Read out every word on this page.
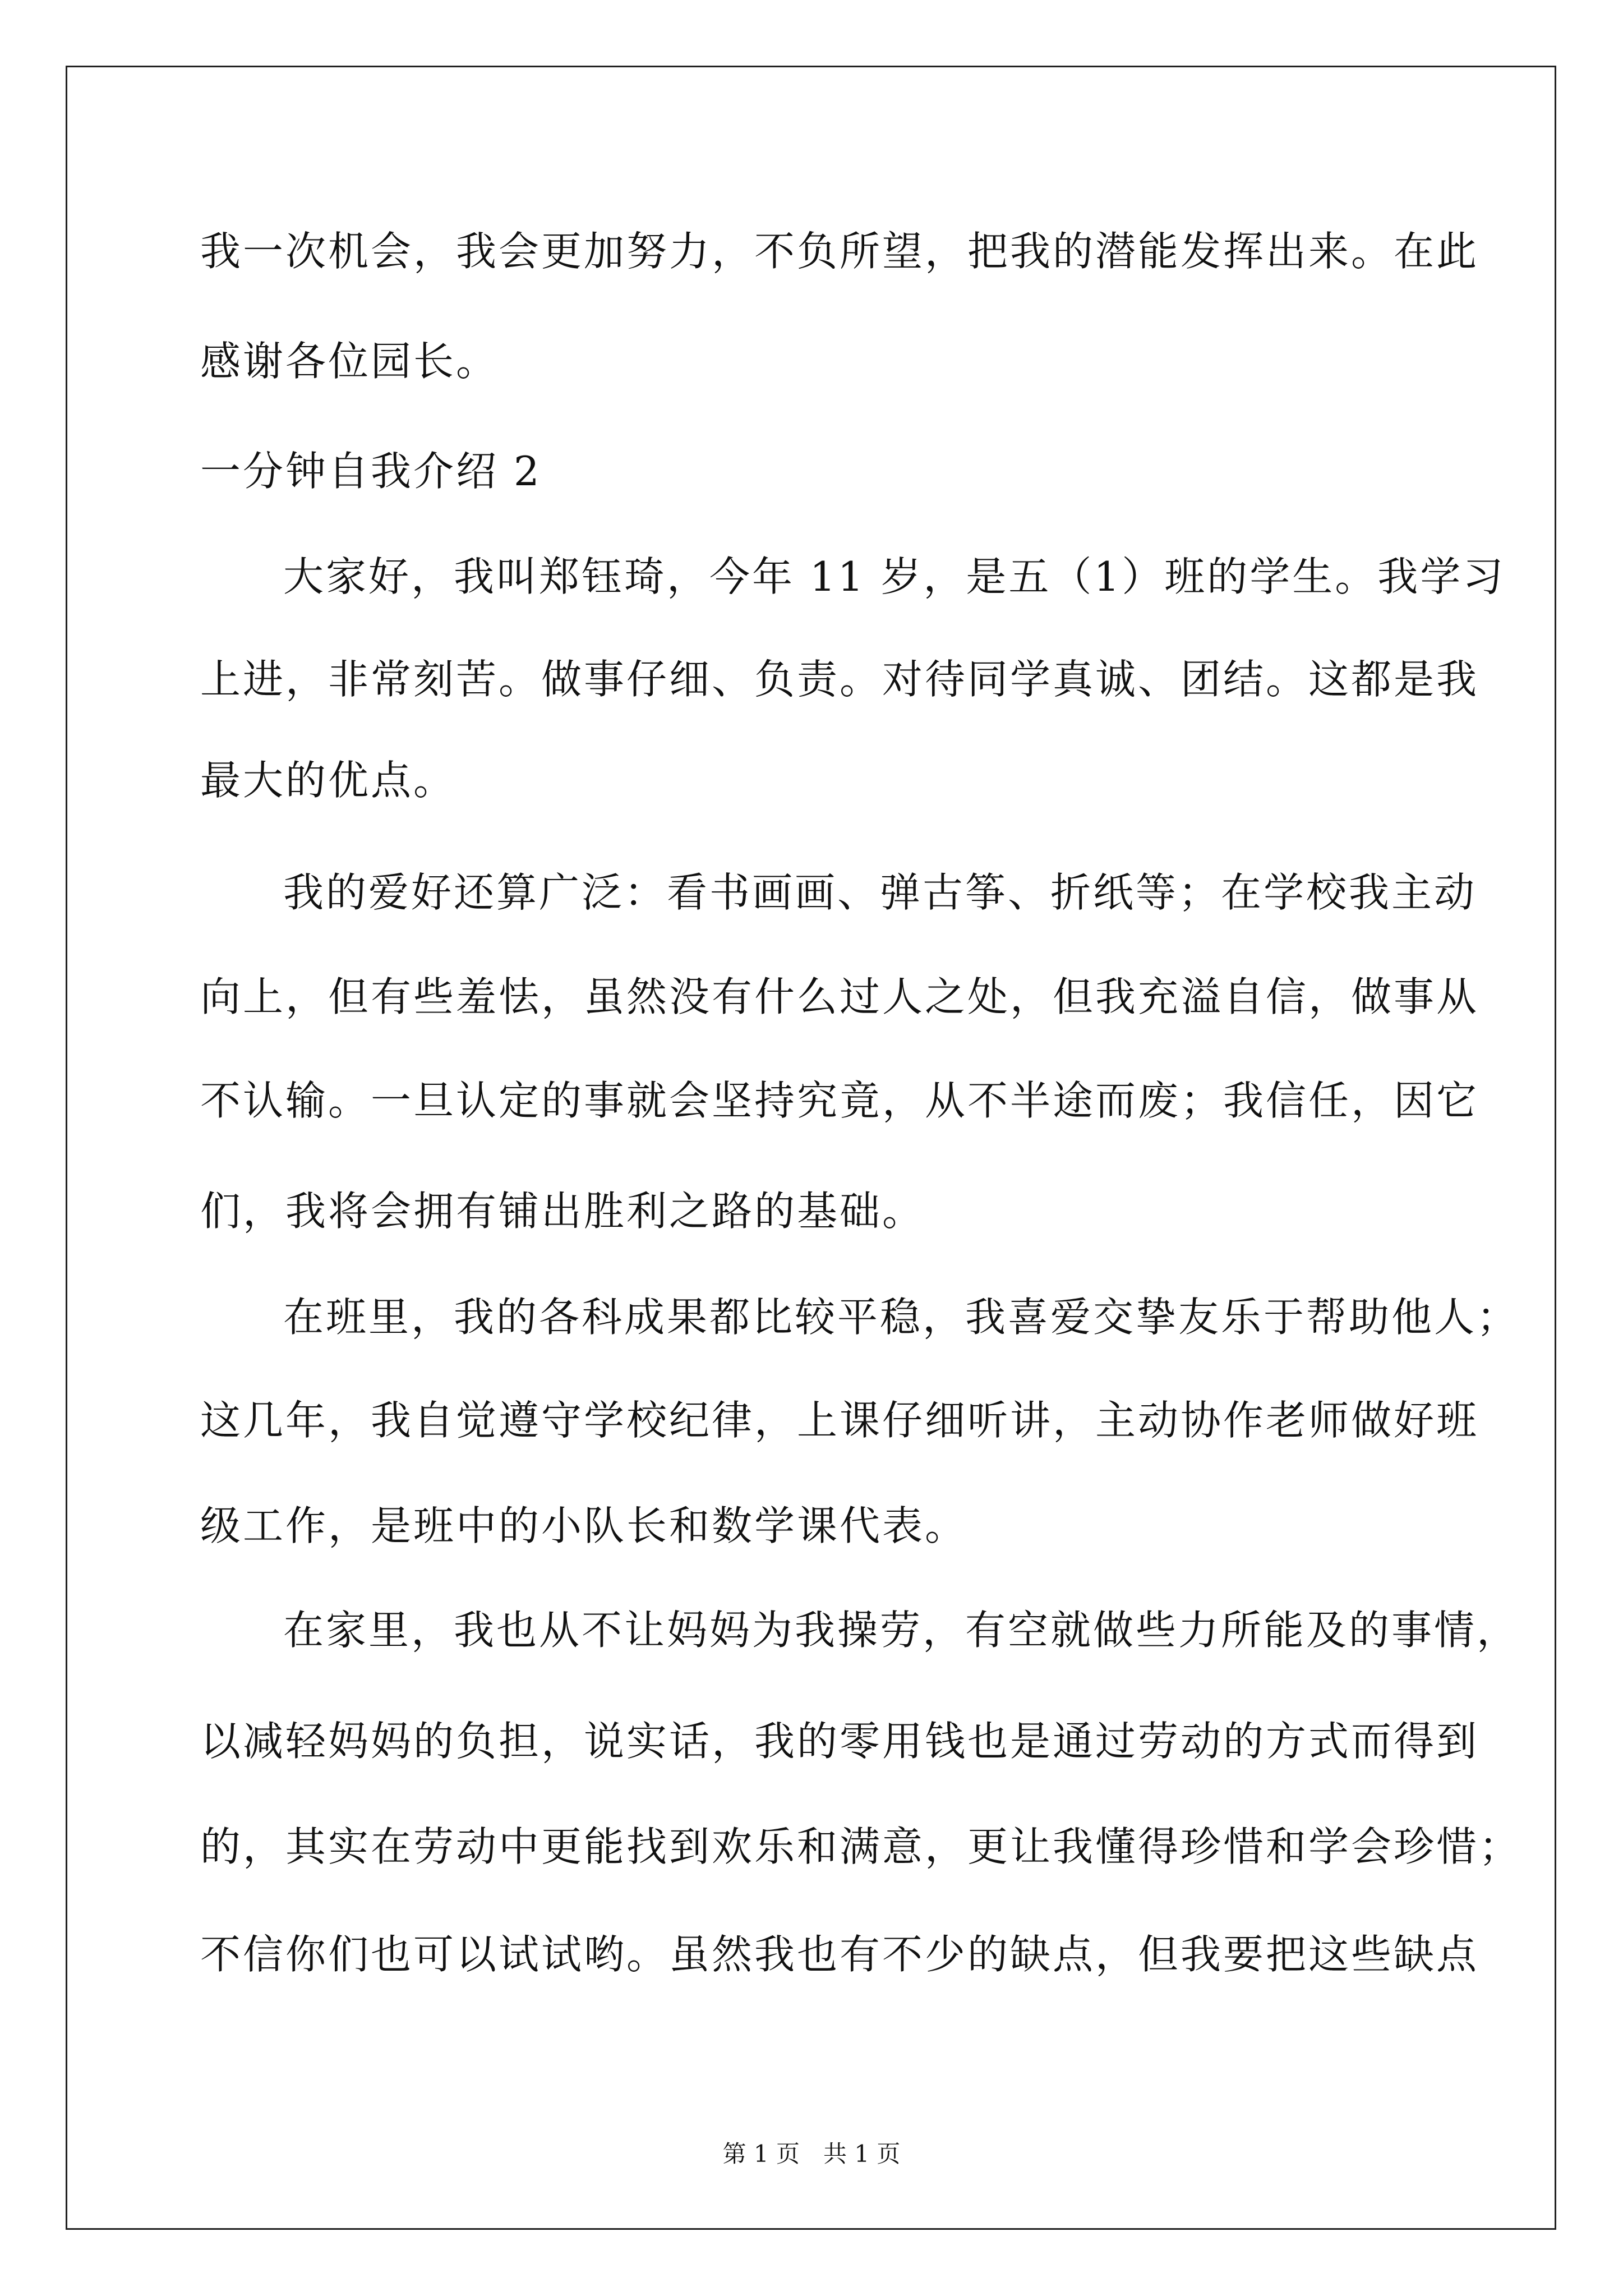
我一次机会，我会更加努力，不负所望，把我的潜能发挥出来。在此
感谢各位园长。
一分钟自我介绍 2
大家好，我叫郑钰琦，今年 11 岁，是五（1）班的学生。我学习
上进，非常刻苦。做事仔细、负责。对待同学真诚、团结。这都是我
最大的优点。
我的爱好还算广泛：看书画画、弹古筝、折纸等；在学校我主动
向上，但有些羞怯，虽然没有什么过人之处，但我充溢自信，做事从
不认输。一旦认定的事就会坚持究竟，从不半途而废；我信任，因它
们，我将会拥有铺出胜利之路的基础。
在班里，我的各科成果都比较平稳，我喜爱交挚友乐于帮助他人；
这几年，我自觉遵守学校纪律，上课仔细听讲，主动协作老师做好班
级工作，是班中的小队长和数学课代表。
在家里，我也从不让妈妈为我操劳，有空就做些力所能及的事情，
以减轻妈妈的负担，说实话，我的零用钱也是通过劳动的方式而得到
的，其实在劳动中更能找到欢乐和满意，更让我懂得珍惜和学会珍惜；
不信你们也可以试试哟。虽然我也有不少的缺点，但我要把这些缺点
第 1 页　共 1 页
